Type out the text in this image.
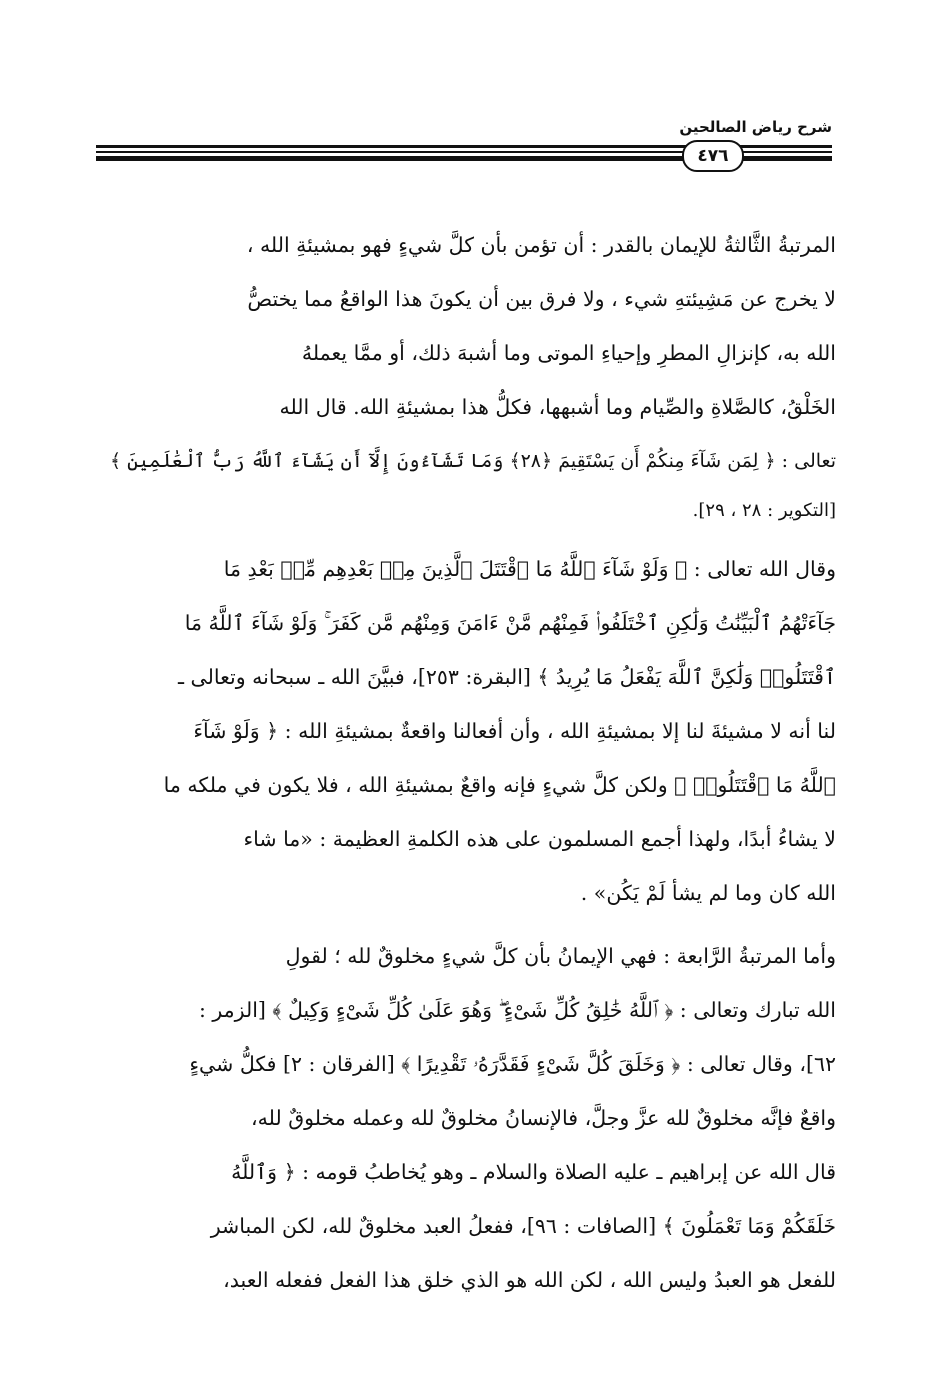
شرح رياض الصالحين
٤٧٦

المرتبةُ الثَّالثةُ للإيمان بالقدر : أن تؤمن بأن كلَّ شيءٍ فهو بمشيئةِ الله ،
لا يخرج عن مَشِيئتهِ شيء ، ولا فرق بين أن يكونَ هذا الواقعُ مما يختصُّ
الله به، كإنزالِ المطرِ وإحياءِ الموتى وما أشبهَ ذلك، أو ممَّا يعملهُ
الخَلْقُ، كالصَّلاةِ والصِّيام وما أشبهها، فكلُّ هذا بمشيئةِ الله. قال الله
تعالى : ﴿ لِمَن شَآءَ مِنكُمْ أَن يَسْتَقِيمَ ﴿٢٨﴾ وَمَا تَشَآءُونَ إِلَّآ أَن يَشَآءَ ٱللَّهُ رَبُّ ٱلْعَٰلَمِينَ ﴾
[التكوير : ٢٨ ، ٢٩].

وقال الله تعالى : ﴿ وَلَوْ شَآءَ ٱللَّهُ مَا ٱقْتَتَلَ ٱلَّذِينَ مِنۢ بَعْدِهِم مِّنۢ بَعْدِ مَا
جَآءَتْهُمُ ٱلْبَيِّنَٰتُ وَلَٰكِنِ ٱخْتَلَفُوا۟ فَمِنْهُم مَّنْ ءَامَنَ وَمِنْهُم مَّن كَفَرَ ۚ وَلَوْ شَآءَ ٱللَّهُ مَا
ٱقْتَتَلُوا۟ وَلَٰكِنَّ ٱللَّهَ يَفْعَلُ مَا يُرِيدُ ﴾ [البقرة: ٢٥٣]، فبيَّنَ الله ـ سبحانه وتعالى ـ
لنا أنه لا مشيئةَ لنا إلا بمشيئةِ الله ، وأن أفعالنا واقعةٌ بمشيئةِ الله : ﴿ وَلَوْ شَآءَ
ٱللَّهُ مَا ٱقْتَتَلُوا۟ ﴾ ولكن كلَّ شيءٍ فإنه واقعٌ بمشيئةِ الله ، فلا يكون في ملكه ما
لا يشاءُ أبدًا، ولهذا أجمع المسلمون على هذه الكلمةِ العظيمة : «ما شاء
الله كان وما لم يشأ لَمْ يَكُن» .

وأما المرتبةُ الرَّابعة : فهي الإيمانُ بأن كلَّ شيءٍ مخلوقٌ لله ؛ لقولِ
الله تبارك وتعالى : ﴿ ٱللَّهُ خَٰلِقُ كُلِّ شَىْءٍ ۖ وَهُوَ عَلَىٰ كُلِّ شَىْءٍ وَكِيلٌ ﴾ [الزمر :
٦٢]، وقال تعالى : ﴿ وَخَلَقَ كُلَّ شَىْءٍ فَقَدَّرَهُۥ تَقْدِيرًا ﴾ [الفرقان : ٢] فكلُّ شيءٍ
واقعٌ فإنَّه مخلوقٌ لله عزَّ وجلَّ، فالإنسانُ مخلوقٌ لله وعمله مخلوقٌ لله،
قال الله عن إبراهيم ـ عليه الصلاة والسلام ـ وهو يُخاطبُ قومه : ﴿ وَٱللَّهُ
خَلَقَكُمْ وَمَا تَعْمَلُونَ ﴾ [الصافات : ٩٦]، ففعلُ العبد مخلوقٌ لله، لكن المباشر
للفعل هو العبدُ وليس الله ، لكن الله هو الذي خلق هذا الفعل ففعله العبد،
